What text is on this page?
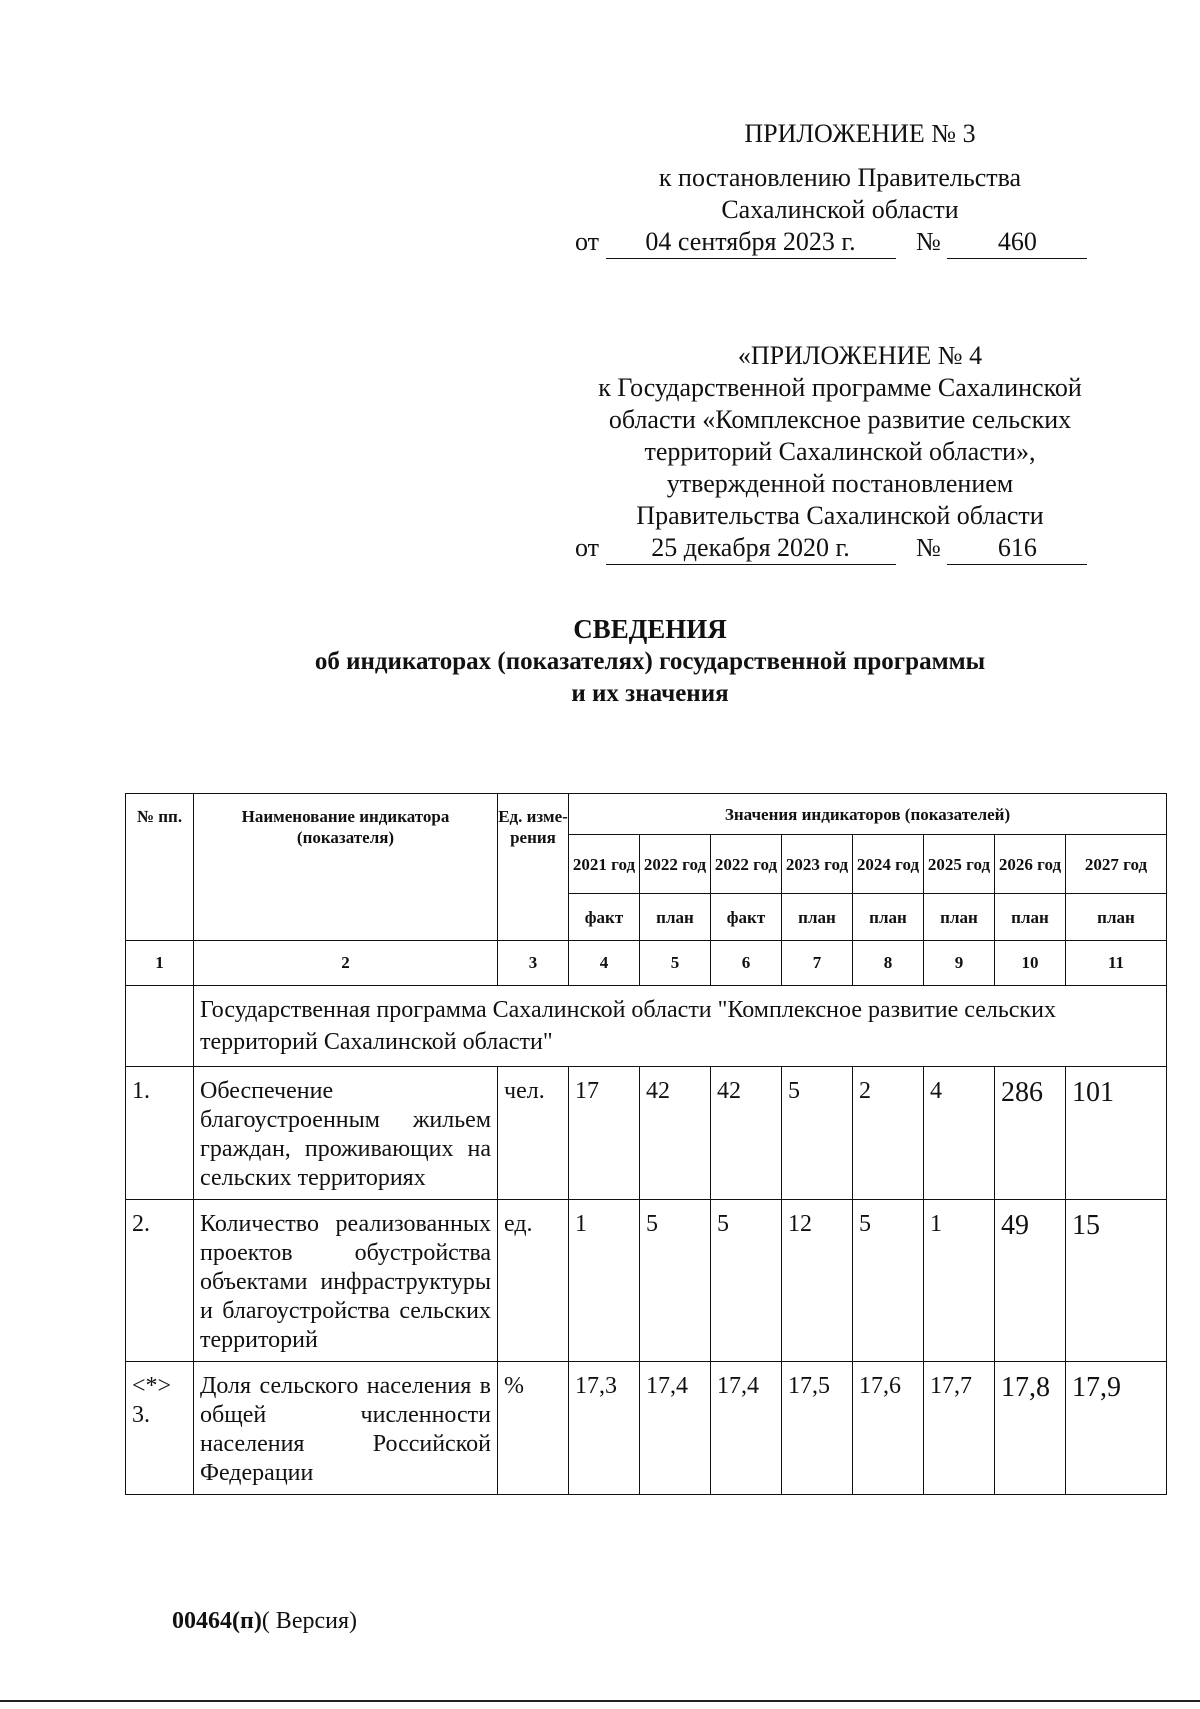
ПРИЛОЖЕНИЕ № 3
к постановлению Правительства
Сахалинской области
от 04 сентября 2023 г. № 460
«ПРИЛОЖЕНИЕ № 4
к Государственной программе Сахалинской
области «Комплексное развитие сельских
территорий Сахалинской области»,
утвержденной постановлением
Правительства Сахалинской области
от 25 декабря 2020 г.	№ 616
СВЕДЕНИЯ
об индикаторах (показателях) государственной программы
и их значения
№ пп.	Наименование индикатора (показателя)	Ед. изме-рения	Значения индикаторов (показателей)							
			2021 год	2022 год	2022 год	2023 год	2024 год	2025 год	2026 год	2027 год
			факт	план	факт	план	план	план	план	план
1	2	3	4	5	6	7	8	9	10	11
	Государственная программа Сахалинской области "Комплексное развитие сельских территорий Сахалинской области"									
1.	Обеспечение благоустроенным жильем граждан, проживающих на сельских территориях	чел.	17	42	42	5	2	4	286	101
2.	Количество реализованных проектов обустройства объектами инфраструктуры и благоустройства сельских территорий	ед.	1	5	5	12	5	1	49	15
<*> 3.	Доля сельского населения в общей численности населения Российской Федерации	%	17,3	17,4	17,4	17,5	17,6	17,7	17,8	17,9
00464(п)( Версия)
